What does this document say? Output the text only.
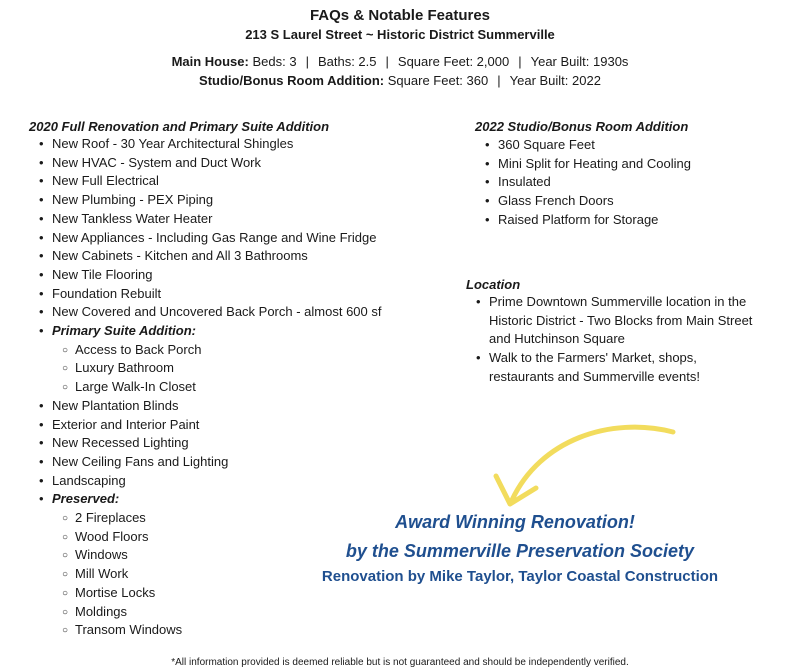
FAQs & Notable Features
213 S Laurel Street ~ Historic District Summerville
Main House: Beds: 3 | Baths: 2.5 | Square Feet: 2,000 | Year Built: 1930s
Studio/Bonus Room Addition: Square Feet: 360 | Year Built: 2022
2020 Full Renovation and Primary Suite Addition
• New Roof - 30 Year Architectural Shingles
• New HVAC - System and Duct Work
• New Full Electrical
• New Plumbing - PEX Piping
• New Tankless Water Heater
• New Appliances - Including Gas Range and Wine Fridge
• New Cabinets - Kitchen and All 3 Bathrooms
• New Tile Flooring
• Foundation Rebuilt
• New Covered and Uncovered Back Porch - almost 600 sf
• Primary Suite Addition:
○ Access to Back Porch
○ Luxury Bathroom
○ Large Walk-In Closet
• New Plantation Blinds
• Exterior and Interior Paint
• New Recessed Lighting
• New Ceiling Fans and Lighting
• Landscaping
• Preserved:
○ 2 Fireplaces
○ Wood Floors
○ Windows
○ Mill Work
○ Mortise Locks
○ Moldings
○ Transom Windows
2022 Studio/Bonus Room Addition
• 360 Square Feet
• Mini Split for Heating and Cooling
• Insulated
• Glass French Doors
• Raised Platform for Storage
Location
• Prime Downtown Summerville location in the Historic District - Two Blocks from Main Street and Hutchinson Square
• Walk to the Farmers' Market, shops, restaurants and Summerville events!
Award Winning Renovation!
by the Summerville Preservation Society
Renovation by Mike Taylor, Taylor Coastal Construction
*All information provided is deemed reliable but is not guaranteed and should be independently verified.
